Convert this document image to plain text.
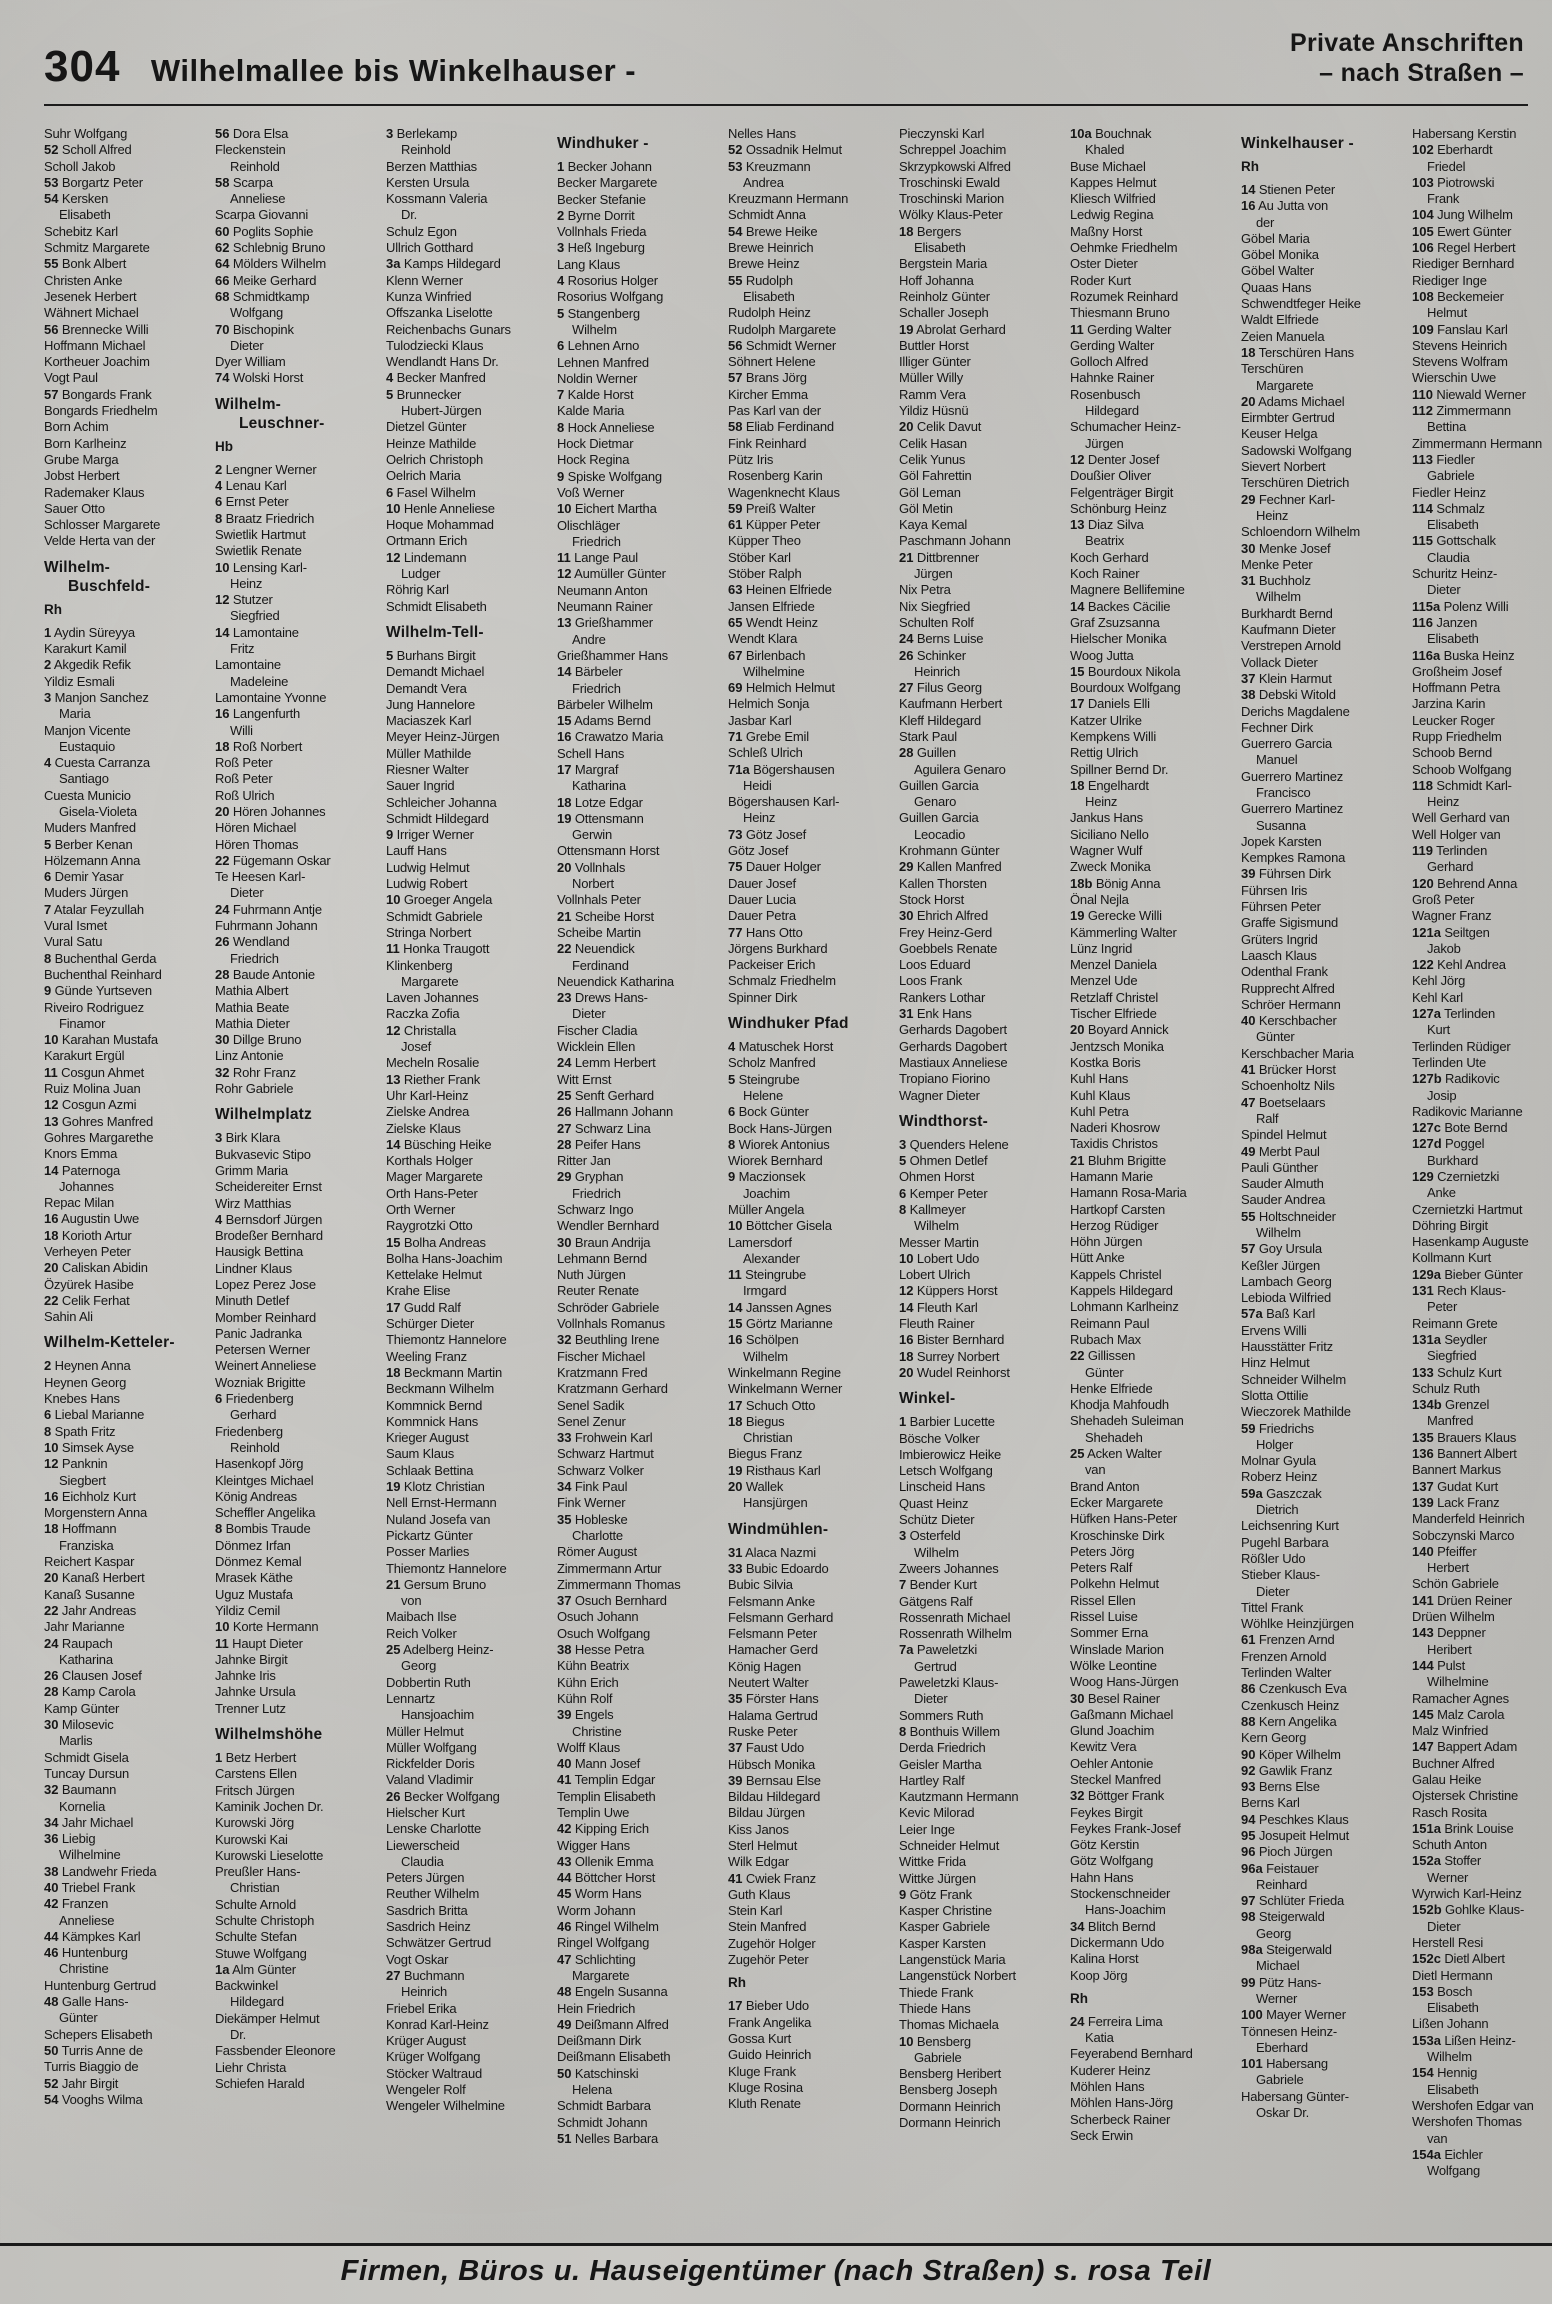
304 Wilhelmallee bis Winkelhauser -
Private Anschriften
– nach Straßen –
Suhr Wolfgang
52 Scholl Alfred
Scholl Jakob
53 Borgartz Peter
54 Kersken
Elisabeth
Schebitz Karl
Schmitz Margarete
55 Bonk Albert
Christen Anke
Jesenek Herbert
Wähnert Michael
56 Brennecke Willi
Hoffmann Michael
Kortheuer Joachim
Vogt Paul
57 Bongards Frank
Bongards Friedhelm
Born Achim
Born Karlheinz
Grube Marga
Jobst Herbert
Rademaker Klaus
Sauer Otto
Schlosser Margarete
Velde Herta van der
Wilhelm-
Buschfeld-
Rh
1 Aydin Süreyya
Karakurt Kamil
2 Akgedik Refik
Yildiz Esmali
3 Manjon Sanchez
Maria
Manjon Vicente
Eustaquio
4 Cuesta Carranza
Santiago
Cuesta Municio
Gisela-Violeta
Muders Manfred
5 Berber Kenan
Hölzemann Anna
6 Demir Yasar
Muders Jürgen
7 Atalar Feyzullah
Vural Ismet
Vural Satu
8 Buchenthal Gerda
Buchenthal Reinhard
9 Günde Yurtseven
Riveiro Rodriguez
Finamor
10 Karahan Mustafa
Karakurt Ergül
11 Cosgun Ahmet
Ruiz Molina Juan
12 Cosgun Azmi
13 Gohres Manfred
Gohres Margarethe
Knors Emma
14 Paternoga
Johannes
Repac Milan
16 Augustin Uwe
18 Korioth Artur
Verheyen Peter
20 Caliskan Abidin
Özyürek Hasibe
22 Celik Ferhat
Sahin Ali
Wilhelm-Ketteler-
2 Heynen Anna
Heynen Georg
Knebes Hans
6 Liebal Marianne
8 Spath Fritz
10 Simsek Ayse
12 Panknin
Siegbert
16 Eichholz Kurt
Morgenstern Anna
18 Hoffmann
Franziska
Reichert Kaspar
20 Kanaß Herbert
Kanaß Susanne
22 Jahr Andreas
Jahr Marianne
24 Raupach
Katharina
26 Clausen Josef
28 Kamp Carola
Kamp Günter
30 Milosevic
Marlis
Schmidt Gisela
Tuncay Dursun
32 Baumann
Kornelia
34 Jahr Michael
36 Liebig
Wilhelmine
38 Landwehr Frieda
40 Triebel Frank
42 Franzen
Anneliese
44 Kämpkes Karl
46 Huntenburg
Christine
Huntenburg Gertrud
48 Galle Hans-
Günter
Schepers Elisabeth
50 Turris Anne de
Turris Biaggio de
52 Jahr Birgit
54 Vooghs Wilma
56 Dora Elsa
Fleckenstein
Reinhold
58 Scarpa
Anneliese
Scarpa Giovanni
60 Poglits Sophie
62 Schlebnig Bruno
64 Mölders Wilhelm
66 Meike Gerhard
68 Schmidtkamp
Wolfgang
70 Bischopink
Dieter
Dyer William
74 Wolski Horst
Wilhelm-
Leuschner-
Hb
2 Lengner Werner
4 Lenau Karl
6 Ernst Peter
8 Braatz Friedrich
Swietlik Hartmut
Swietlik Renate
10 Lensing Karl-
Heinz
12 Stutzer
Siegfried
14 Lamontaine
Fritz
Lamontaine
Madeleine
Lamontaine Yvonne
16 Langenfurth
Willi
18 Roß Norbert
Roß Peter
Roß Peter
Roß Ulrich
20 Hören Johannes
Hören Michael
Hören Thomas
22 Fügemann Oskar
Te Heesen Karl-
Dieter
24 Fuhrmann Antje
Fuhrmann Johann
26 Wendland
Friedrich
28 Baude Antonie
Mathia Albert
Mathia Beate
Mathia Dieter
30 Dillge Bruno
Linz Antonie
32 Rohr Franz
Rohr Gabriele
Wilhelmplatz
3 Birk Klara
Bukvasevic Stipo
Grimm Maria
Scheidereiter Ernst
Wirz Matthias
4 Bernsdorf Jürgen
Brodeßer Bernhard
Hausigk Bettina
Lindner Klaus
Lopez Perez Jose
Minuth Detlef
Momber Reinhard
Panic Jadranka
Petersen Werner
Weinert Anneliese
Wozniak Brigitte
6 Friedenberg
Gerhard
Friedenberg
Reinhold
Hasenkopf Jörg
Kleintges Michael
König Andreas
Scheffler Angelika
8 Bombis Traude
Dönmez Irfan
Dönmez Kemal
Mrasek Käthe
Uguz Mustafa
Yildiz Cemil
10 Korte Hermann
11 Haupt Dieter
Jahnke Birgit
Jahnke Iris
Jahnke Ursula
Trenner Lutz
Wilhelmshöhe
1 Betz Herbert
Carstens Ellen
Fritsch Jürgen
Kaminik Jochen Dr.
Kurowski Jörg
Kurowski Kai
Kurowski Lieselotte
Preußler Hans-
Christian
Schulte Arnold
Schulte Christoph
Schulte Stefan
Stuwe Wolfgang
1a Alm Günter
Backwinkel
Hildegard
Diekämper Helmut
Dr.
Fassbender Eleonore
Liehr Christa
Schiefen Harald
3 Berlekamp
Reinhold
Berzen Matthias
Kersten Ursula
Kossmann Valeria
Dr.
Schulz Egon
Ullrich Gotthard
3a Kamps Hildegard
Klenn Werner
Kunza Winfried
Offszanka Liselotte
Reichenbachs Gunars
Tulodziecki Klaus
Wendlandt Hans Dr.
4 Becker Manfred
5 Brunnecker
Hubert-Jürgen
Dietzel Günter
Heinze Mathilde
Oelrich Christoph
Oelrich Maria
6 Fasel Wilhelm
10 Henle Anneliese
Hoque Mohammad
Ortmann Erich
12 Lindemann
Ludger
Röhrig Karl
Schmidt Elisabeth
Wilhelm-Tell-
5 Burhans Birgit
Demandt Michael
Demandt Vera
Jung Hannelore
Maciaszek Karl
Meyer Heinz-Jürgen
Müller Mathilde
Riesner Walter
Sauer Ingrid
Schleicher Johanna
Schmidt Hildegard
9 Irriger Werner
Lauff Hans
Ludwig Helmut
Ludwig Robert
10 Groeger Angela
Schmidt Gabriele
Stringa Norbert
11 Honka Traugott
Klinkenberg
Margarete
Laven Johannes
Raczka Zofia
12 Christalla
Josef
Mecheln Rosalie
13 Riether Frank
Uhr Karl-Heinz
Zielske Andrea
Zielske Klaus
14 Büsching Heike
Korthals Holger
Mager Margarete
Orth Hans-Peter
Orth Werner
Raygrotzki Otto
15 Bolha Andreas
Bolha Hans-Joachim
Kettelake Helmut
Krahe Elise
17 Gudd Ralf
Schürger Dieter
Thiemontz Hannelore
Weeling Franz
18 Beckmann Martin
Beckmann Wilhelm
Kommnick Bernd
Kommnick Hans
Krieger August
Saum Klaus
Schlaak Bettina
19 Klotz Christian
Nell Ernst-Hermann
Nuland Josefa van
Pickartz Günter
Posser Marlies
Thiemontz Hannelore
21 Gersum Bruno
von
Maibach Ilse
Reich Volker
25 Adelberg Heinz-
Georg
Dobbertin Ruth
Lennartz
Hansjoachim
Müller Helmut
Müller Wolfgang
Rickfelder Doris
Valand Vladimir
26 Becker Wolfgang
Hielscher Kurt
Lenske Charlotte
Liewerscheid
Claudia
Peters Jürgen
Reuther Wilhelm
Sasdrich Britta
Sasdrich Heinz
Schwätzer Gertrud
Vogt Oskar
27 Buchmann
Heinrich
Friebel Erika
Konrad Karl-Heinz
Krüger August
Krüger Wolfgang
Stöcker Waltraud
Wengeler Rolf
Wengeler Wilhelmine
Windhuker -
1 Becker Johann
Becker Margarete
Becker Stefanie
2 Byrne Dorrit
Vollnhals Frieda
3 Heß Ingeburg
Lang Klaus
4 Rosorius Holger
Rosorius Wolfgang
5 Stangenberg
Wilhelm
6 Lehnen Arno
Lehnen Manfred
Noldin Werner
7 Kalde Horst
Kalde Maria
8 Hock Anneliese
Hock Dietmar
Hock Regina
9 Spiske Wolfgang
Voß Werner
10 Eichert Martha
Olischläger
Friedrich
11 Lange Paul
12 Aumüller Günter
Neumann Anton
Neumann Rainer
13 Grießhammer
Andre
Grießhammer Hans
14 Bärbeler
Friedrich
Bärbeler Wilhelm
15 Adams Bernd
16 Crawatzo Maria
Schell Hans
17 Margraf
Katharina
18 Lotze Edgar
19 Ottensmann
Gerwin
Ottensmann Horst
20 Vollnhals
Norbert
Vollnhals Peter
21 Scheibe Horst
Scheibe Martin
22 Neuendick
Ferdinand
Neuendick Katharina
23 Drews Hans-
Dieter
Fischer Cladia
Wicklein Ellen
24 Lemm Herbert
Witt Ernst
25 Senft Gerhard
26 Hallmann Johann
27 Schwarz Lina
28 Peifer Hans
Ritter Jan
29 Gryphan
Friedrich
Schwarz Ingo
Wendler Bernhard
30 Braun Andrija
Lehmann Bernd
Nuth Jürgen
Reuter Renate
Schröder Gabriele
Vollnhals Romanus
32 Beuthling Irene
Fischer Michael
Kratzmann Fred
Kratzmann Gerhard
Senel Sadik
Senel Zenur
33 Frohwein Karl
Schwarz Hartmut
Schwarz Volker
34 Fink Paul
Fink Werner
35 Hobleske
Charlotte
Römer August
Zimmermann Artur
Zimmermann Thomas
37 Osuch Bernhard
Osuch Johann
Osuch Wolfgang
38 Hesse Petra
Kühn Beatrix
Kühn Erich
Kühn Rolf
39 Engels
Christine
Wolff Klaus
40 Mann Josef
41 Templin Edgar
Templin Elisabeth
Templin Uwe
42 Kipping Erich
Wigger Hans
43 Ollenik Emma
44 Böttcher Horst
45 Worm Hans
Worm Johann
46 Ringel Wilhelm
Ringel Wolfgang
47 Schlichting
Margarete
48 Engeln Susanna
Hein Friedrich
49 Deißmann Alfred
Deißmann Dirk
Deißmann Elisabeth
50 Katschinski
Helena
Schmidt Barbara
Schmidt Johann
51 Nelles Barbara
Nelles Hans
52 Ossadnik Helmut
53 Kreuzmann
Andrea
Kreuzmann Hermann
Schmidt Anna
54 Brewe Heike
Brewe Heinrich
Brewe Heinz
55 Rudolph
Elisabeth
Rudolph Heinz
Rudolph Margarete
56 Schmidt Werner
Söhnert Helene
57 Brans Jörg
Kircher Emma
Pas Karl van der
58 Eliab Ferdinand
Fink Reinhard
Pütz Iris
Rosenberg Karin
Wagenknecht Klaus
59 Preiß Walter
61 Küpper Peter
Küpper Theo
Stöber Karl
Stöber Ralph
63 Heinen Elfriede
Jansen Elfriede
65 Wendt Heinz
Wendt Klara
67 Birlenbach
Wilhelmine
69 Helmich Helmut
Helmich Sonja
Jasbar Karl
71 Grebe Emil
Schleß Ulrich
71a Bögershausen
Heidi
Bögershausen Karl-
Heinz
73 Götz Josef
Götz Josef
75 Dauer Holger
Dauer Josef
Dauer Lucia
Dauer Petra
77 Hans Otto
Jörgens Burkhard
Packeiser Erich
Schmalz Friedhelm
Spinner Dirk
Windhuker Pfad
4 Matuschek Horst
Scholz Manfred
5 Steingrube
Helene
6 Bock Günter
Bock Hans-Jürgen
8 Wiorek Antonius
Wiorek Bernhard
9 Maczionsek
Joachim
Müller Angela
10 Böttcher Gisela
Lamersdorf
Alexander
11 Steingrube
Irmgard
14 Janssen Agnes
15 Görtz Marianne
16 Schölpen
Wilhelm
Winkelmann Regine
Winkelmann Werner
17 Schuch Otto
18 Biegus
Christian
Biegus Franz
19 Risthaus Karl
20 Wallek
Hansjürgen
Windmühlen-
31 Alaca Nazmi
33 Bubic Edoardo
Bubic Silvia
Felsmann Anke
Felsmann Gerhard
Felsmann Peter
Hamacher Gerd
König Hagen
Neutert Walter
35 Förster Hans
Halama Gertrud
Ruske Peter
37 Faust Udo
Hübsch Monika
39 Bernsau Else
Bildau Hildegard
Bildau Jürgen
Kiss Janos
Sterl Helmut
Wilk Edgar
41 Cwiek Franz
Guth Klaus
Stein Karl
Stein Manfred
Zugehör Holger
Zugehör Peter
Rh
17 Bieber Udo
Frank Angelika
Gossa Kurt
Guido Heinrich
Kluge Frank
Kluge Rosina
Kluth Renate
Pieczynski Karl
Schreppel Joachim
Skrzypkowski Alfred
Troschinski Ewald
Troschinski Marion
Wölky Klaus-Peter
18 Bergers
Elisabeth
Bergstein Maria
Hoff Johanna
Reinholz Günter
Schaller Joseph
19 Abrolat Gerhard
Buttler Horst
Illiger Günter
Müller Willy
Ramm Vera
Yildiz Hüsnü
20 Celik Davut
Celik Hasan
Celik Yunus
Göl Fahrettin
Göl Leman
Göl Metin
Kaya Kemal
Paschmann Johann
21 Dittbrenner
Jürgen
Nix Petra
Nix Siegfried
Schulten Rolf
24 Berns Luise
26 Schinker
Heinrich
27 Filus Georg
Kaufmann Herbert
Kleff Hildegard
Stark Paul
28 Guillen
Aguilera Genaro
Guillen Garcia
Genaro
Guillen Garcia
Leocadio
Krohmann Günter
29 Kallen Manfred
Kallen Thorsten
Stock Horst
30 Ehrich Alfred
Frey Heinz-Gerd
Goebbels Renate
Loos Eduard
Loos Frank
Rankers Lothar
31 Enk Hans
Gerhards Dagobert
Gerhards Dagobert
Mastiaux Anneliese
Tropiano Fiorino
Wagner Dieter
Windthorst-
3 Quenders Helene
5 Ohmen Detlef
Ohmen Horst
6 Kemper Peter
8 Kallmeyer
Wilhelm
Messer Martin
10 Lobert Udo
Lobert Ulrich
12 Küppers Horst
14 Fleuth Karl
Fleuth Rainer
16 Bister Bernhard
18 Surrey Norbert
20 Wudel Reinhorst
Winkel-
1 Barbier Lucette
Bösche Volker
Imbierowicz Heike
Letsch Wolfgang
Linscheid Hans
Quast Heinz
Schütz Dieter
3 Osterfeld
Wilhelm
Zweers Johannes
7 Bender Kurt
Gätgens Ralf
Rossenrath Michael
Rossenrath Wilhelm
7a Paweletzki
Gertrud
Paweletzki Klaus-
Dieter
Sommers Ruth
8 Bonthuis Willem
Derda Friedrich
Geisler Martha
Hartley Ralf
Kautzmann Hermann
Kevic Milorad
Leier Inge
Schneider Helmut
Wittke Frida
Wittke Jürgen
9 Götz Frank
Kasper Christine
Kasper Gabriele
Kasper Karsten
Langenstück Maria
Langenstück Norbert
Thiede Frank
Thiede Hans
Thomas Michaela
10 Bensberg
Gabriele
Bensberg Heribert
Bensberg Joseph
Dormann Heinrich
Dormann Heinrich
10a Bouchnak
Khaled
Buse Michael
Kappes Helmut
Kliesch Wilfried
Ledwig Regina
Maßny Horst
Oehmke Friedhelm
Oster Dieter
Roder Kurt
Rozumek Reinhard
Thiesmann Bruno
11 Gerding Walter
Gerding Walter
Golloch Alfred
Hahnke Rainer
Rosenbusch
Hildegard
Schumacher Heinz-
Jürgen
12 Denter Josef
Doußier Oliver
Felgenträger Birgit
Schönburg Heinz
13 Diaz Silva
Beatrix
Koch Gerhard
Koch Rainer
Magnere Bellifemine
14 Backes Cäcilie
Graf Zsuzsanna
Hielscher Monika
Woog Jutta
15 Bourdoux Nikola
Bourdoux Wolfgang
17 Daniels Elli
Katzer Ulrike
Kempkens Willi
Rettig Ulrich
Spillner Bernd Dr.
18 Engelhardt
Heinz
Jankus Hans
Siciliano Nello
Wagner Wulf
Zweck Monika
18b Bönig Anna
Önal Nejla
19 Gerecke Willi
Kämmerling Walter
Lünz Ingrid
Menzel Daniela
Menzel Ude
Retzlaff Christel
Tischer Elfriede
20 Boyard Annick
Jentzsch Monika
Kostka Boris
Kuhl Hans
Kuhl Klaus
Kuhl Petra
Naderi Khosrow
Taxidis Christos
21 Bluhm Brigitte
Hamann Marie
Hamann Rosa-Maria
Hartkopf Carsten
Herzog Rüdiger
Höhn Jürgen
Hütt Anke
Kappels Christel
Kappels Hildegard
Lohmann Karlheinz
Reimann Paul
Rubach Max
22 Gillissen
Günter
Henke Elfriede
Khodja Mahfoudh
Shehadeh Suleiman
Shehadeh
25 Acken Walter
van
Brand Anton
Ecker Margarete
Hüfken Hans-Peter
Kroschinske Dirk
Peters Jörg
Peters Ralf
Polkehn Helmut
Rissel Ellen
Rissel Luise
Sommer Erna
Winslade Marion
Wölke Leontine
Woog Hans-Jürgen
30 Besel Rainer
Gaßmann Michael
Glund Joachim
Kewitz Vera
Oehler Antonie
Steckel Manfred
32 Böttger Frank
Feykes Birgit
Feykes Frank-Josef
Götz Kerstin
Götz Wolfgang
Hahn Hans
Stockenschneider
Hans-Joachim
34 Blitch Bernd
Dickermann Udo
Kalina Horst
Koop Jörg
Rh
24 Ferreira Lima
Katia
Feyerabend Bernhard
Kuderer Heinz
Möhlen Hans
Möhlen Hans-Jörg
Scherbeck Rainer
Seck Erwin
Winkelhauser -
Rh
14 Stienen Peter
16 Au Jutta von
der
Göbel Maria
Göbel Monika
Göbel Walter
Quaas Hans
Schwendtfeger Heike
Waldt Elfriede
Zeien Manuela
18 Terschüren Hans
Terschüren
Margarete
20 Adams Michael
Eirmbter Gertrud
Keuser Helga
Sadowski Wolfgang
Sievert Norbert
Terschüren Dietrich
29 Fechner Karl-
Heinz
Schloendorn Wilhelm
30 Menke Josef
Menke Peter
31 Buchholz
Wilhelm
Burkhardt Bernd
Kaufmann Dieter
Verstrepen Arnold
Vollack Dieter
37 Klein Harmut
38 Debski Witold
Derichs Magdalene
Fechner Dirk
Guerrero Garcia
Manuel
Guerrero Martinez
Francisco
Guerrero Martinez
Susanna
Jopek Karsten
Kempkes Ramona
39 Führsen Dirk
Führsen Iris
Führsen Peter
Graffe Sigismund
Grüters Ingrid
Laasch Klaus
Odenthal Frank
Rupprecht Alfred
Schröer Hermann
40 Kerschbacher
Günter
Kerschbacher Maria
41 Brücker Horst
Schoenholtz Nils
47 Boetselaars
Ralf
Spindel Helmut
49 Merbt Paul
Pauli Günther
Sauder Almuth
Sauder Andrea
55 Holtschneider
Wilhelm
57 Goy Ursula
Keßler Jürgen
Lambach Georg
Lebioda Wilfried
57a Baß Karl
Ervens Willi
Hausstätter Fritz
Hinz Helmut
Schneider Wilhelm
Slotta Ottilie
Wieczorek Mathilde
59 Friedrichs
Holger
Molnar Gyula
Roberz Heinz
59a Gaszczak
Dietrich
Leichsenring Kurt
Pugehl Barbara
Rößler Udo
Stieber Klaus-
Dieter
Tittel Frank
Wöhlke Heinzjürgen
61 Frenzen Arnd
Frenzen Arnold
Terlinden Walter
86 Czenkusch Eva
Czenkusch Heinz
88 Kern Angelika
Kern Georg
90 Köper Wilhelm
92 Gawlik Franz
93 Berns Else
Berns Karl
94 Peschkes Klaus
95 Josupeit Helmut
96 Pioch Jürgen
96a Feistauer
Reinhard
97 Schlüter Frieda
98 Steigerwald
Georg
98a Steigerwald
Michael
99 Pütz Hans-
Werner
100 Mayer Werner
Tönnesen Heinz-
Eberhard
101 Habersang
Gabriele
Habersang Günter-
Oskar Dr.
Habersang Kerstin
102 Eberhardt
Friedel
103 Piotrowski
Frank
104 Jung Wilhelm
105 Ewert Günter
106 Regel Herbert
Riediger Bernhard
Riediger Inge
108 Beckemeier
Helmut
109 Fanslau Karl
Stevens Heinrich
Stevens Wolfram
Wierschin Uwe
110 Niewald Werner
112 Zimmermann
Bettina
Zimmermann Hermann
113 Fiedler
Gabriele
Fiedler Heinz
114 Schmalz
Elisabeth
115 Gottschalk
Claudia
Schuritz Heinz-
Dieter
115a Polenz Willi
116 Janzen
Elisabeth
116a Buska Heinz
Großheim Josef
Hoffmann Petra
Jarzina Karin
Leucker Roger
Rupp Friedhelm
Schoob Bernd
Schoob Wolfgang
118 Schmidt Karl-
Heinz
Well Gerhard van
Well Holger van
119 Terlinden
Gerhard
120 Behrend Anna
Groß Peter
Wagner Franz
121a Seiltgen
Jakob
122 Kehl Andrea
Kehl Jörg
Kehl Karl
127a Terlinden
Kurt
Terlinden Rüdiger
Terlinden Ute
127b Radikovic
Josip
Radikovic Marianne
127c Bote Bernd
127d Poggel
Burkhard
129 Czernietzki
Anke
Czernietzki Hartmut
Döhring Birgit
Hasenkamp Auguste
Kollmann Kurt
129a Bieber Günter
131 Rech Klaus-
Peter
Reimann Grete
131a Seydler
Siegfried
133 Schulz Kurt
Schulz Ruth
134b Grenzel
Manfred
135 Brauers Klaus
136 Bannert Albert
Bannert Markus
137 Gudat Kurt
139 Lack Franz
Manderfeld Heinrich
Sobczynski Marco
140 Pfeiffer
Herbert
Schön Gabriele
141 Drüen Reiner
Drüen Wilhelm
143 Deppner
Heribert
144 Pulst
Wilhelmine
Ramacher Agnes
145 Malz Carola
Malz Winfried
147 Bappert Adam
Buchner Alfred
Galau Heike
Ojstersek Christine
Rasch Rosita
151a Brink Louise
Schuth Anton
152a Stoffer
Werner
Wyrwich Karl-Heinz
152b Gohlke Klaus-
Dieter
Herstell Resi
152c Dietl Albert
Dietl Hermann
153 Bosch
Elisabeth
Lißen Johann
153a Lißen Heinz-
Wilhelm
154 Hennig
Elisabeth
Wershofen Edgar van
Wershofen Thomas
van
154a Eichler
Wolfgang
Firmen, Büros u. Hauseigentümer (nach Straßen) s. rosa Teil
